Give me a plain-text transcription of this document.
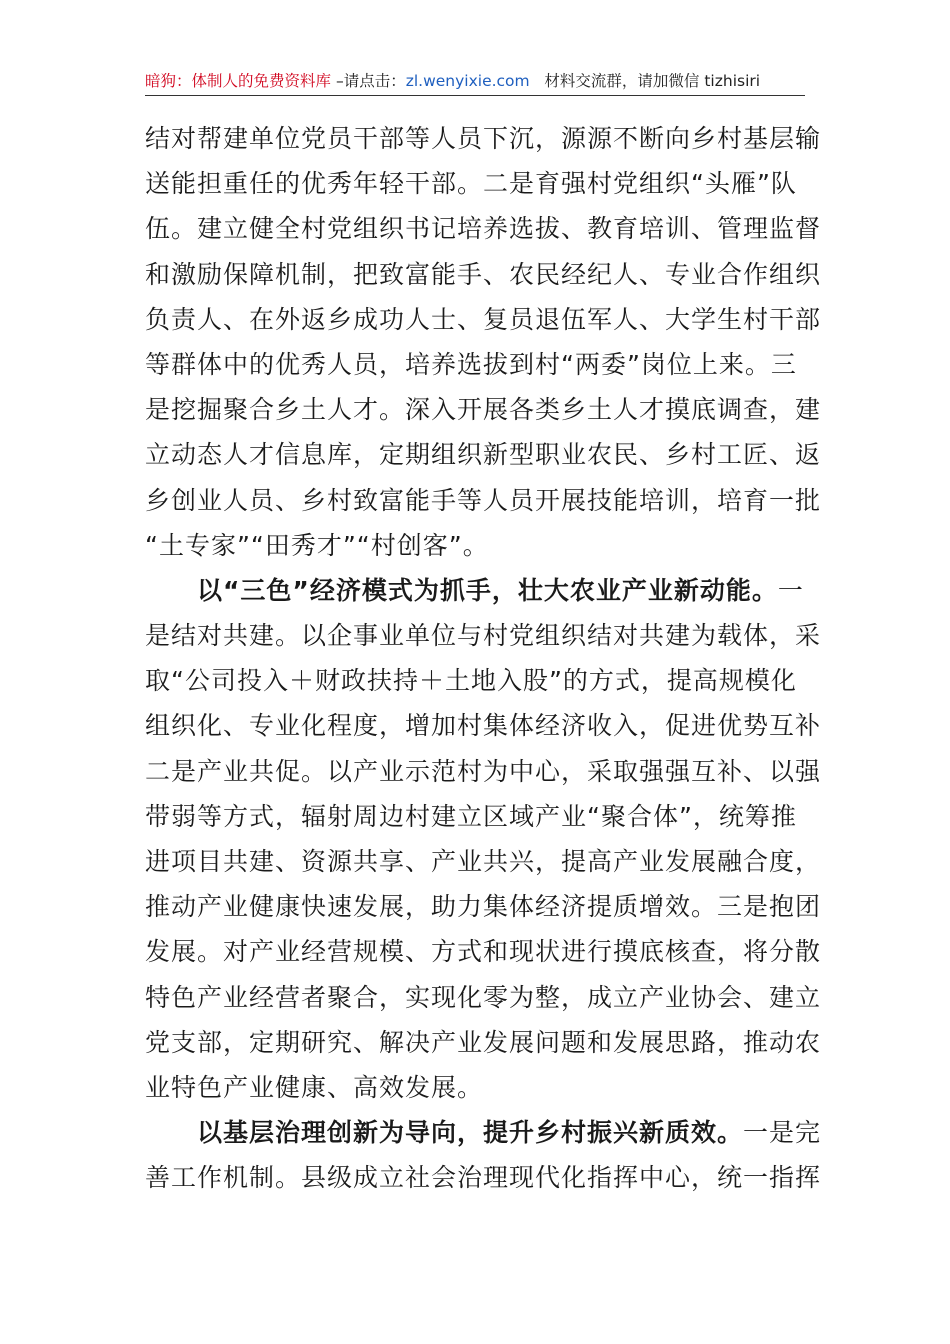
暗狗：体制人的免费资料库 –请点击：zl.wenyixie.com 材料交流群，请加微信 tizhisiri
结对帮建单位党员干部等人员下沉，源源不断向乡村基层输
送能担重任的优秀年轻干部。二是育强村党组织“头雁”队
伍。建立健全村党组织书记培养选拔、教育培训、管理监督
和激励保障机制，把致富能手、农民经纪人、专业合作组织
负责人、在外返乡成功人士、复员退伍军人、大学生村干部
等群体中的优秀人员，培养选拔到村“两委”岗位上来。三
是挖掘聚合乡土人才。深入开展各类乡土人才摸底调查，建
立动态人才信息库，定期组织新型职业农民、乡村工匠、返
乡创业人员、乡村致富能手等人员开展技能培训，培育一批
“土专家”“田秀才”“村创客”。
以“三色”经济模式为抓手，壮大农业产业新动能。一
是结对共建。以企事业单位与村党组织结对共建为载体，采
取“公司投入＋财政扶持＋土地入股”的方式，提高规模化
组织化、专业化程度，增加村集体经济收入，促进优势互补
二是产业共促。以产业示范村为中心，采取强强互补、以强
带弱等方式，辐射周边村建立区域产业“聚合体”，统筹推
进项目共建、资源共享、产业共兴，提高产业发展融合度，
推动产业健康快速发展，助力集体经济提质增效。三是抱团
发展。对产业经营规模、方式和现状进行摸底核查，将分散
特色产业经营者聚合，实现化零为整，成立产业协会、建立
党支部，定期研究、解决产业发展问题和发展思路，推动农
业特色产业健康、高效发展。
以基层治理创新为导向，提升乡村振兴新质效。一是完
善工作机制。县级成立社会治理现代化指挥中心，统一指挥
